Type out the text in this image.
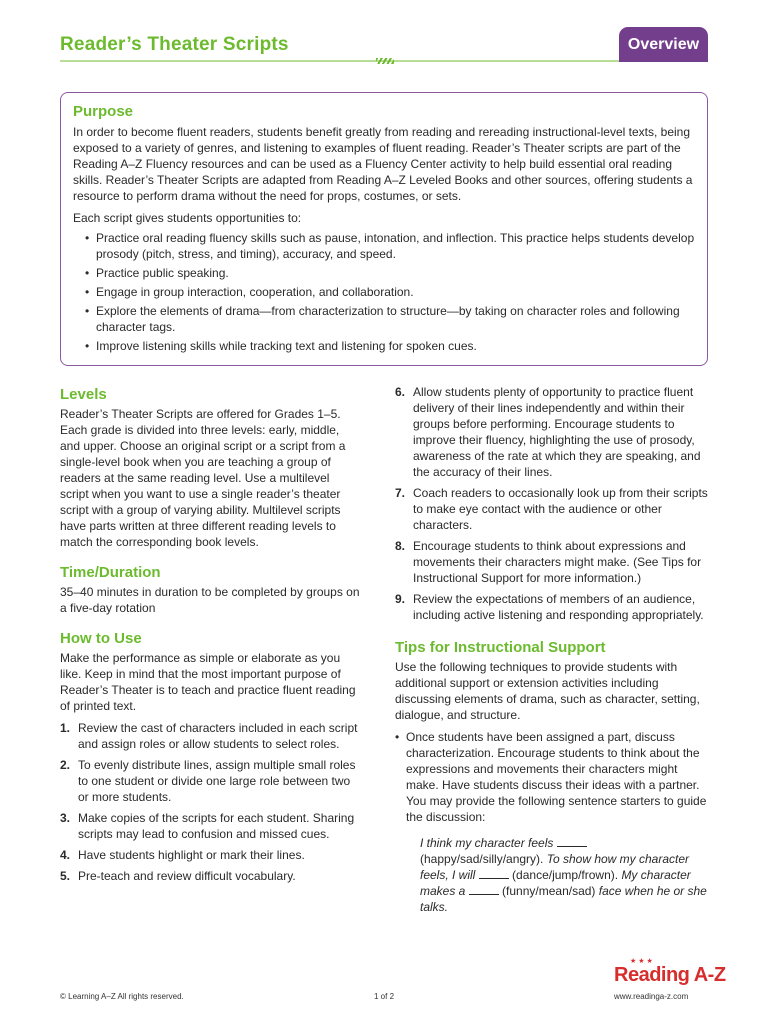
Reader’s Theater Scripts	Overview
Purpose

In order to become fluent readers, students benefit greatly from reading and rereading instructional-level texts, being exposed to a variety of genres, and listening to examples of fluent reading. Reader’s Theater scripts are part of the Reading A–Z Fluency resources and can be used as a Fluency Center activity to help build essential oral reading skills. Reader’s Theater Scripts are adapted from Reading A–Z Leveled Books and other sources, offering students a resource to perform drama without the need for props, costumes, or sets.

Each script gives students opportunities to:

• Practice oral reading fluency skills such as pause, intonation, and inflection. This practice helps students develop prosody (pitch, stress, and timing), accuracy, and speed.
• Practice public speaking.
• Engage in group interaction, cooperation, and collaboration.
• Explore the elements of drama—from characterization to structure—by taking on character roles and following character tags.
• Improve listening skills while tracking text and listening for spoken cues.
Levels

Reader’s Theater Scripts are offered for Grades 1–5. Each grade is divided into three levels: early, middle, and upper. Choose an original script or a script from a single-level book when you are teaching a group of readers at the same reading level. Use a multilevel script when you want to use a single reader’s theater script with a group of varying ability. Multilevel scripts have parts written at three different reading levels to match the corresponding book levels.

Time/Duration

35–40 minutes in duration to be completed by groups on a five-day rotation

How to Use

Make the performance as simple or elaborate as you like. Keep in mind that the most important purpose of Reader’s Theater is to teach and practice fluent reading of printed text.

1. Review the cast of characters included in each script and assign roles or allow students to select roles.
2. To evenly distribute lines, assign multiple small roles to one student or divide one large role between two or more students.
3. Make copies of the scripts for each student. Sharing scripts may lead to confusion and missed cues.
4. Have students highlight or mark their lines.
5. Pre-teach and review difficult vocabulary.
6. Allow students plenty of opportunity to practice fluent delivery of their lines independently and within their groups before performing. Encourage students to improve their fluency, highlighting the use of prosody, awareness of the rate at which they are speaking, and the accuracy of their lines.
7. Coach readers to occasionally look up from their scripts to make eye contact with the audience or other characters.
8. Encourage students to think about expressions and movements their characters might make. (See Tips for Instructional Support for more information.)
9. Review the expectations of members of an audience, including active listening and responding appropriately.
Tips for Instructional Support

Use the following techniques to provide students with additional support or extension activities including discussing elements of drama, such as character, setting, dialogue, and structure.

• Once students have been assigned a part, discuss characterization. Encourage students to think about the expressions and movements their characters might make. Have students discuss their ideas with a partner. You may provide the following sentence starters to guide the discussion:

I think my character feels  (happy/sad/silly/angry). To show how my character feels, I will	(dance/jump/frown). My character makes a	(funny/mean/sad) face when he or she talks.

★★★
Reading A-Z
© Learning A–Z All rights reserved.	1 of 2	www.readinga-z.com
